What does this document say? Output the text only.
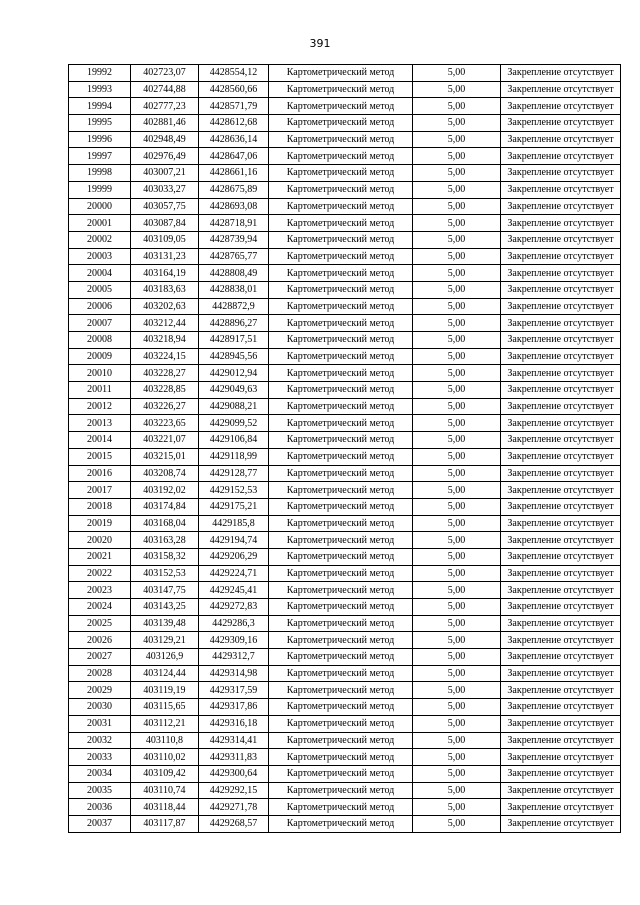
391
19992	402723,07	4428554,12	Картометрический метод	5,00	Закрепление отсутствует
19993	402744,88	4428560,66	Картометрический метод	5,00	Закрепление отсутствует
19994	402777,23	4428571,79	Картометрический метод	5,00	Закрепление отсутствует
19995	402881,46	4428612,68	Картометрический метод	5,00	Закрепление отсутствует
19996	402948,49	4428636,14	Картометрический метод	5,00	Закрепление отсутствует
19997	402976,49	4428647,06	Картометрический метод	5,00	Закрепление отсутствует
19998	403007,21	4428661,16	Картометрический метод	5,00	Закрепление отсутствует
19999	403033,27	4428675,89	Картометрический метод	5,00	Закрепление отсутствует
20000	403057,75	4428693,08	Картометрический метод	5,00	Закрепление отсутствует
20001	403087,84	4428718,91	Картометрический метод	5,00	Закрепление отсутствует
20002	403109,05	4428739,94	Картометрический метод	5,00	Закрепление отсутствует
20003	403131,23	4428765,77	Картометрический метод	5,00	Закрепление отсутствует
20004	403164,19	4428808,49	Картометрический метод	5,00	Закрепление отсутствует
20005	403183,63	4428838,01	Картометрический метод	5,00	Закрепление отсутствует
20006	403202,63	4428872,9	Картометрический метод	5,00	Закрепление отсутствует
20007	403212,44	4428896,27	Картометрический метод	5,00	Закрепление отсутствует
20008	403218,94	4428917,51	Картометрический метод	5,00	Закрепление отсутствует
20009	403224,15	4428945,56	Картометрический метод	5,00	Закрепление отсутствует
20010	403228,27	4429012,94	Картометрический метод	5,00	Закрепление отсутствует
20011	403228,85	4429049,63	Картометрический метод	5,00	Закрепление отсутствует
20012	403226,27	4429088,21	Картометрический метод	5,00	Закрепление отсутствует
20013	403223,65	4429099,52	Картометрический метод	5,00	Закрепление отсутствует
20014	403221,07	4429106,84	Картометрический метод	5,00	Закрепление отсутствует
20015	403215,01	4429118,99	Картометрический метод	5,00	Закрепление отсутствует
20016	403208,74	4429128,77	Картометрический метод	5,00	Закрепление отсутствует
20017	403192,02	4429152,53	Картометрический метод	5,00	Закрепление отсутствует
20018	403174,84	4429175,21	Картометрический метод	5,00	Закрепление отсутствует
20019	403168,04	4429185,8	Картометрический метод	5,00	Закрепление отсутствует
20020	403163,28	4429194,74	Картометрический метод	5,00	Закрепление отсутствует
20021	403158,32	4429206,29	Картометрический метод	5,00	Закрепление отсутствует
20022	403152,53	4429224,71	Картометрический метод	5,00	Закрепление отсутствует
20023	403147,75	4429245,41	Картометрический метод	5,00	Закрепление отсутствует
20024	403143,25	4429272,83	Картометрический метод	5,00	Закрепление отсутствует
20025	403139,48	4429286,3	Картометрический метод	5,00	Закрепление отсутствует
20026	403129,21	4429309,16	Картометрический метод	5,00	Закрепление отсутствует
20027	403126,9	4429312,7	Картометрический метод	5,00	Закрепление отсутствует
20028	403124,44	4429314,98	Картометрический метод	5,00	Закрепление отсутствует
20029	403119,19	4429317,59	Картометрический метод	5,00	Закрепление отсутствует
20030	403115,65	4429317,86	Картометрический метод	5,00	Закрепление отсутствует
20031	403112,21	4429316,18	Картометрический метод	5,00	Закрепление отсутствует
20032	403110,8	4429314,41	Картометрический метод	5,00	Закрепление отсутствует
20033	403110,02	4429311,83	Картометрический метод	5,00	Закрепление отсутствует
20034	403109,42	4429300,64	Картометрический метод	5,00	Закрепление отсутствует
20035	403110,74	4429292,15	Картометрический метод	5,00	Закрепление отсутствует
20036	403118,44	4429271,78	Картометрический метод	5,00	Закрепление отсутствует
20037	403117,87	4429268,57	Картометрический метод	5,00	Закрепление отсутствует
